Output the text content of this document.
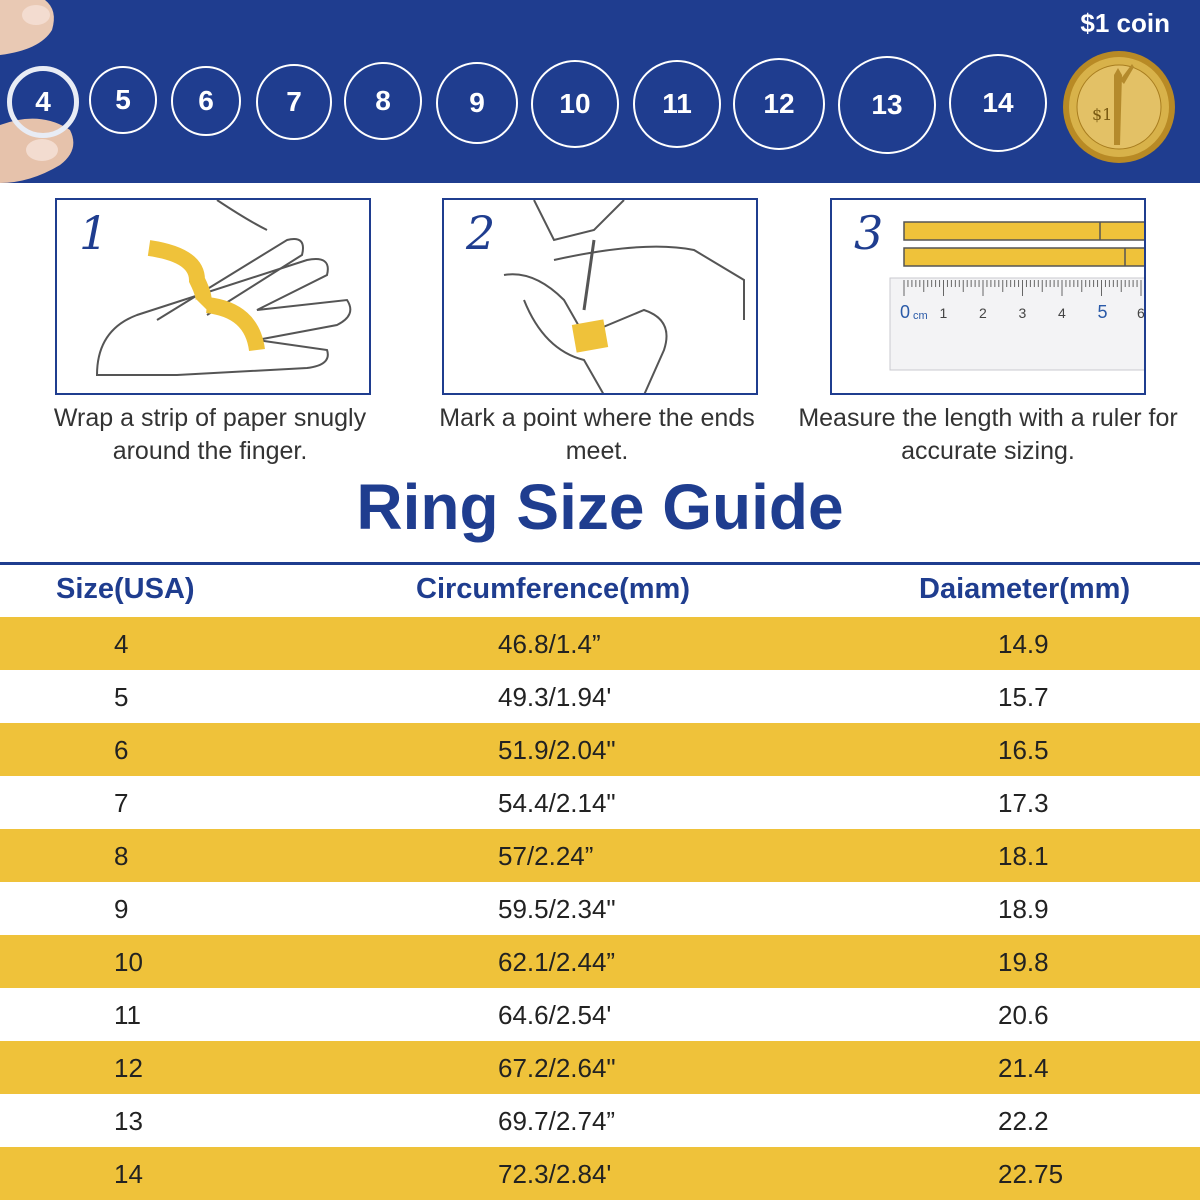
4	5	6	7	8	9	10	11	12	13	14
$1 coin
$1
1
Wrap a strip of paper snugly around the finger.
2
Mark a point where the ends meet.
0 1 2 3 4 5 6
cm
3
Measure the length with a ruler for accurate sizing.
Ring Size Guide
Size(USA)	Circumference(mm)	Daiameter(mm)
4	46.8/1.4”	14.9
5	49.3/1.94'	15.7
6	51.9/2.04"	16.5
7	54.4/2.14"	17.3
8	57/2.24”	18.1
9	59.5/2.34"	18.9
10	62.1/2.44”	19.8
11	64.6/2.54'	20.6
12	67.2/2.64"	21.4
13	69.7/2.74”	22.2
14	72.3/2.84'	22.75
